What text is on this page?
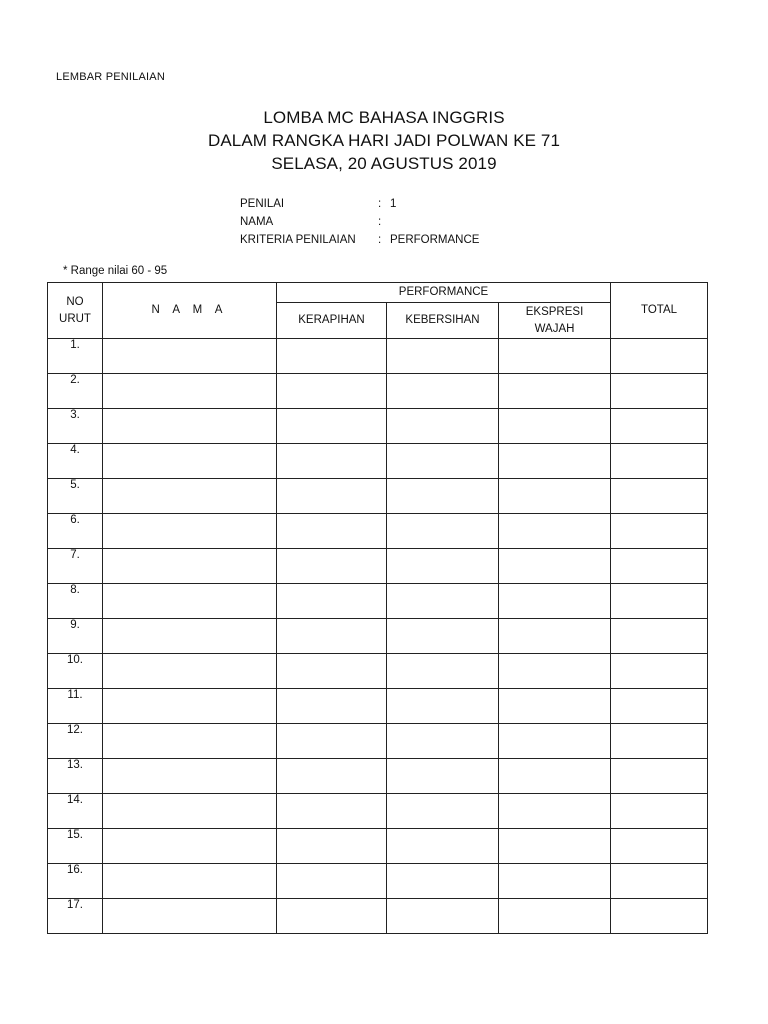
LEMBAR PENILAIAN
LOMBA MC BAHASA INGGRIS
DALAM RANGKA HARI JADI POLWAN KE 71
SELASA, 20 AGUSTUS 2019
PENILAI	: 1
NAMA	:
KRITERIA PENILAIAN : PERFORMANCE
* Range nilai 60 - 95
NO
URUT	N A M A	PERFORMANCE			TOTAL
		KERAPIHAN	KEBERSIHAN	EKSPRESI
WAJAH	

1.					
2.					
3.					
4.					
5.					
6.					
7.					
8.					
9.					
10.					
11.					
12.					
13.					
14.					
15.					
16.					
17.					
